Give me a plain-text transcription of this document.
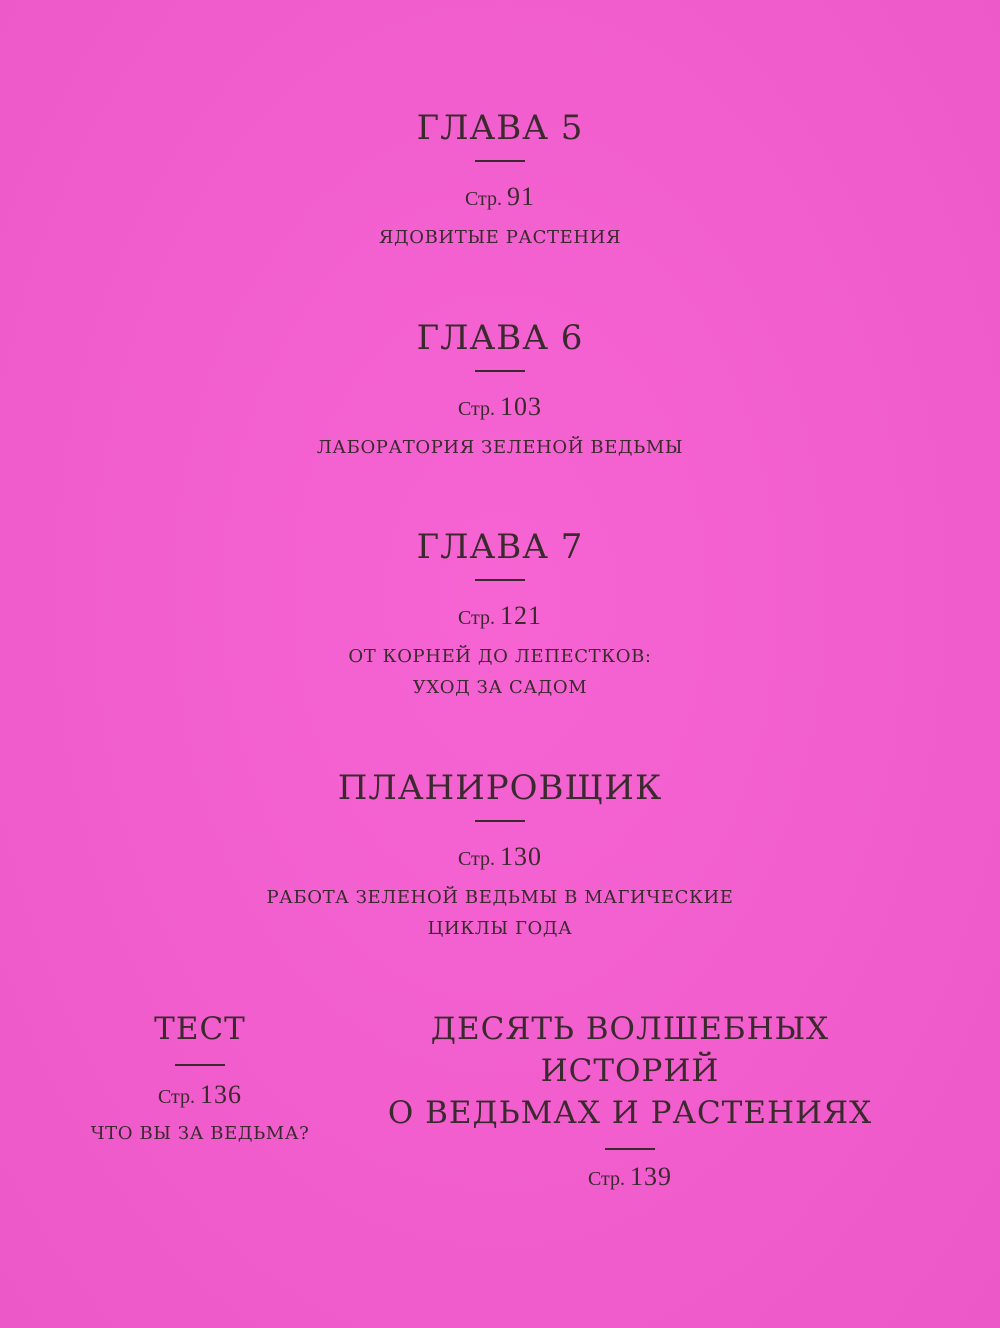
ГЛАВА 5
Стр. 91
ЯДОВИТЫЕ РАСТЕНИЯ
ГЛАВА 6
Стр. 103
ЛАБОРАТОРИЯ ЗЕЛЕНОЙ ВЕДЬМЫ
ГЛАВА 7
Стр. 121
ОТ КОРНЕЙ ДО ЛЕПЕСТКОВ:
УХОД ЗА САДОМ
ПЛАНИРОВЩИК
Стр. 130
РАБОТА ЗЕЛЕНОЙ ВЕДЬМЫ В МАГИЧЕСКИЕ
ЦИКЛЫ ГОДА
ТЕСТ
Стр. 136
ЧТО ВЫ ЗА ВЕДЬМА?
ДЕСЯТЬ ВОЛШЕБНЫХ ИСТОРИЙ
О ВЕДЬМАХ И РАСТЕНИЯХ
Стр. 139
